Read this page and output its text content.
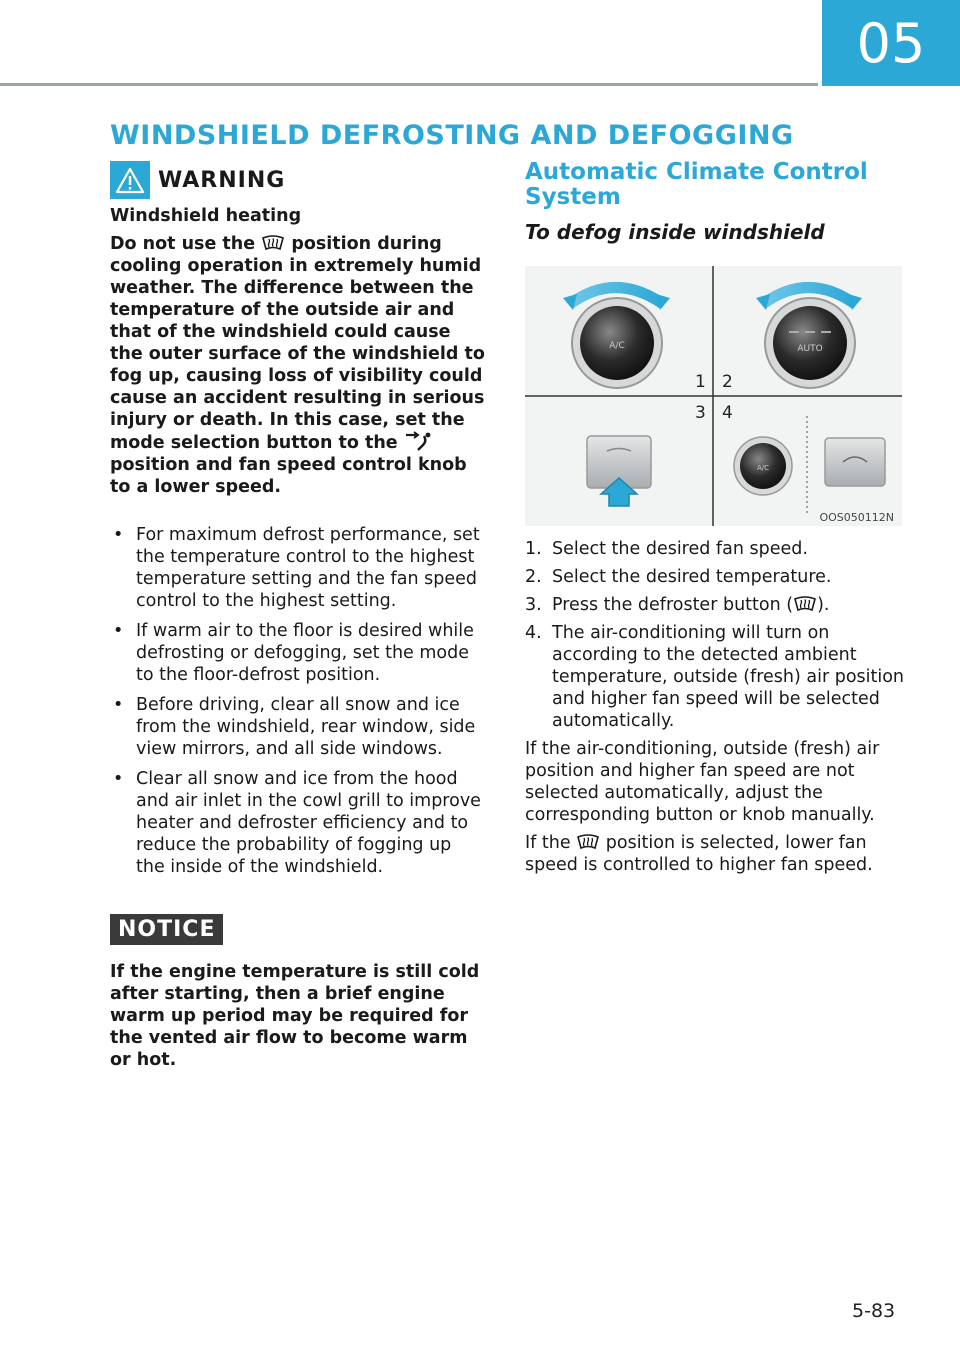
05
WINDSHIELD DEFROSTING AND DEFOGGING
WARNING
Windshield heating

Do not use the position during cooling operation in extremely humid weather. The difference between the temperature of the outside air and that of the windshield could cause the outer surface of the windshield to fog up, causing loss of visibility could cause an accident resulting in serious injury or death. In this case, set the mode selection button to the  position and fan speed control knob to a lower speed.

• For maximum defrost performance, set the temperature control to the highest temperature setting and the fan speed control to the highest setting.
• If warm air to the floor is desired while defrosting or defogging, set the mode to the floor-defrost position.
• Before driving, clear all snow and ice from the windshield, rear window, side view mirrors, and all side windows.
• Clear all snow and ice from the hood and air inlet in the cowl grill to improve heater and defroster efficiency and to reduce the probability of fogging up the inside of the windshield.
NOTICE

If the engine temperature is still cold after starting, then a brief engine warm up period may be required for the vented air flow to become warm or hot.

Automatic Climate Control System
To defog inside windshield
A/C	AUTO
A/C
1 2
3 4
OOS050112N
1. Select the desired fan speed.
2. Select the desired temperature.
3. Press the defroster button ( ).
4. The air-conditioning will turn on according to the detected ambient temperature, outside (fresh) air position and higher fan speed will be selected automatically.

If the air-conditioning, outside (fresh) air position and higher fan speed are not selected automatically, adjust the corresponding button or knob manually.

If the position is selected, lower fan speed is controlled to higher fan speed.

5-83
